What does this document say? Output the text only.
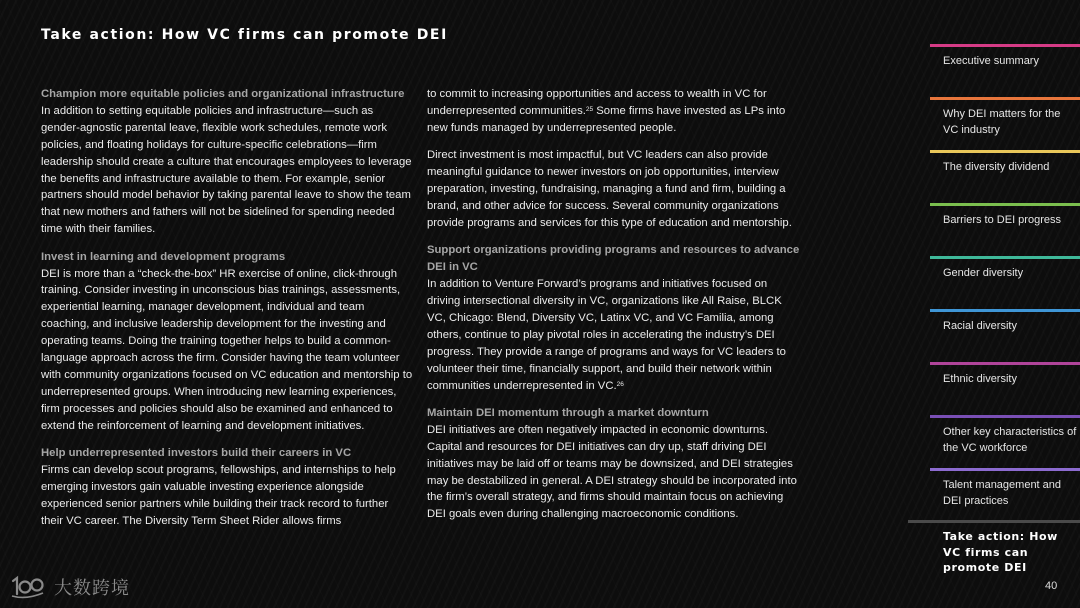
Take action: How VC firms can promote DEI

Champion more equitable policies and organizational infrastructure
In addition to setting equitable policies and infrastructure—such as gender-agnostic parental leave, flexible work schedules, remote work policies, and floating holidays for culture-specific celebrations—firm leadership should create a culture that encourages employees to leverage the benefits and infrastructure available to them. For example, senior partners should model behavior by taking parental leave to show the team that new mothers and fathers will not be sidelined for spending needed time with their families.

Invest in learning and development programs
DEI is more than a “check-the-box” HR exercise of online, click-through training. Consider investing in unconscious bias trainings, assessments, experiential learning, manager development, individual and team coaching, and inclusive leadership development for the investing and operating teams. Doing the training together helps to build a common-language approach across the firm. Consider having the team volunteer with community organizations focused on VC education and mentorship to underrepresented groups. When introducing new learning experiences, firm processes and policies should also be examined and enhanced to extend the reinforcement of learning and development initiatives.

Help underrepresented investors build their careers in VC
Firms can develop scout programs, fellowships, and internships to help emerging investors gain valuable investing experience alongside experienced senior partners while building their track record to further their VC career. The Diversity Term Sheet Rider allows firms

to commit to increasing opportunities and access to wealth in VC for underrepresented communities.$^{25}$ Some firms have invested as LPs into new funds managed by underrepresented people.

Direct investment is most impactful, but VC leaders can also provide meaningful guidance to newer investors on job opportunities, interview preparation, investing, fundraising, managing a fund and firm, building a brand, and other advice for success. Several community organizations provide programs and services for this type of education and mentorship.

Support organizations providing programs and resources to advance DEI in VC
In addition to Venture Forward’s programs and initiatives focused on driving intersectional diversity in VC, organizations like All Raise, BLCK VC, Chicago: Blend, Diversity VC, Latinx VC, and VC Familia, among others, continue to play pivotal roles in accelerating the industry’s DEI progress. They provide a range of programs and ways for VC leaders to volunteer their time, financially support, and build their network within communities underrepresented in VC.$^{26}$

Maintain DEI momentum through a market downturn
DEI initiatives are often negatively impacted in economic downturns. Capital and resources for DEI initiatives can dry up, staff driving DEI initiatives may be laid off or teams may be downsized, and DEI strategies may be destabilized in general. A DEI strategy should be incorporated into the firm’s overall strategy, and firms should maintain focus on achieving DEI goals even during challenging macroeconomic conditions.

Executive summary
Why DEI matters for the VC industry
The diversity dividend
Barriers to DEI progress
Gender diversity
Racial diversity
Ethnic diversity
Other key characteristics of the VC workforce
Talent management and DEI practices
Take action: How VC firms can promote DEI
大数跨境	40
